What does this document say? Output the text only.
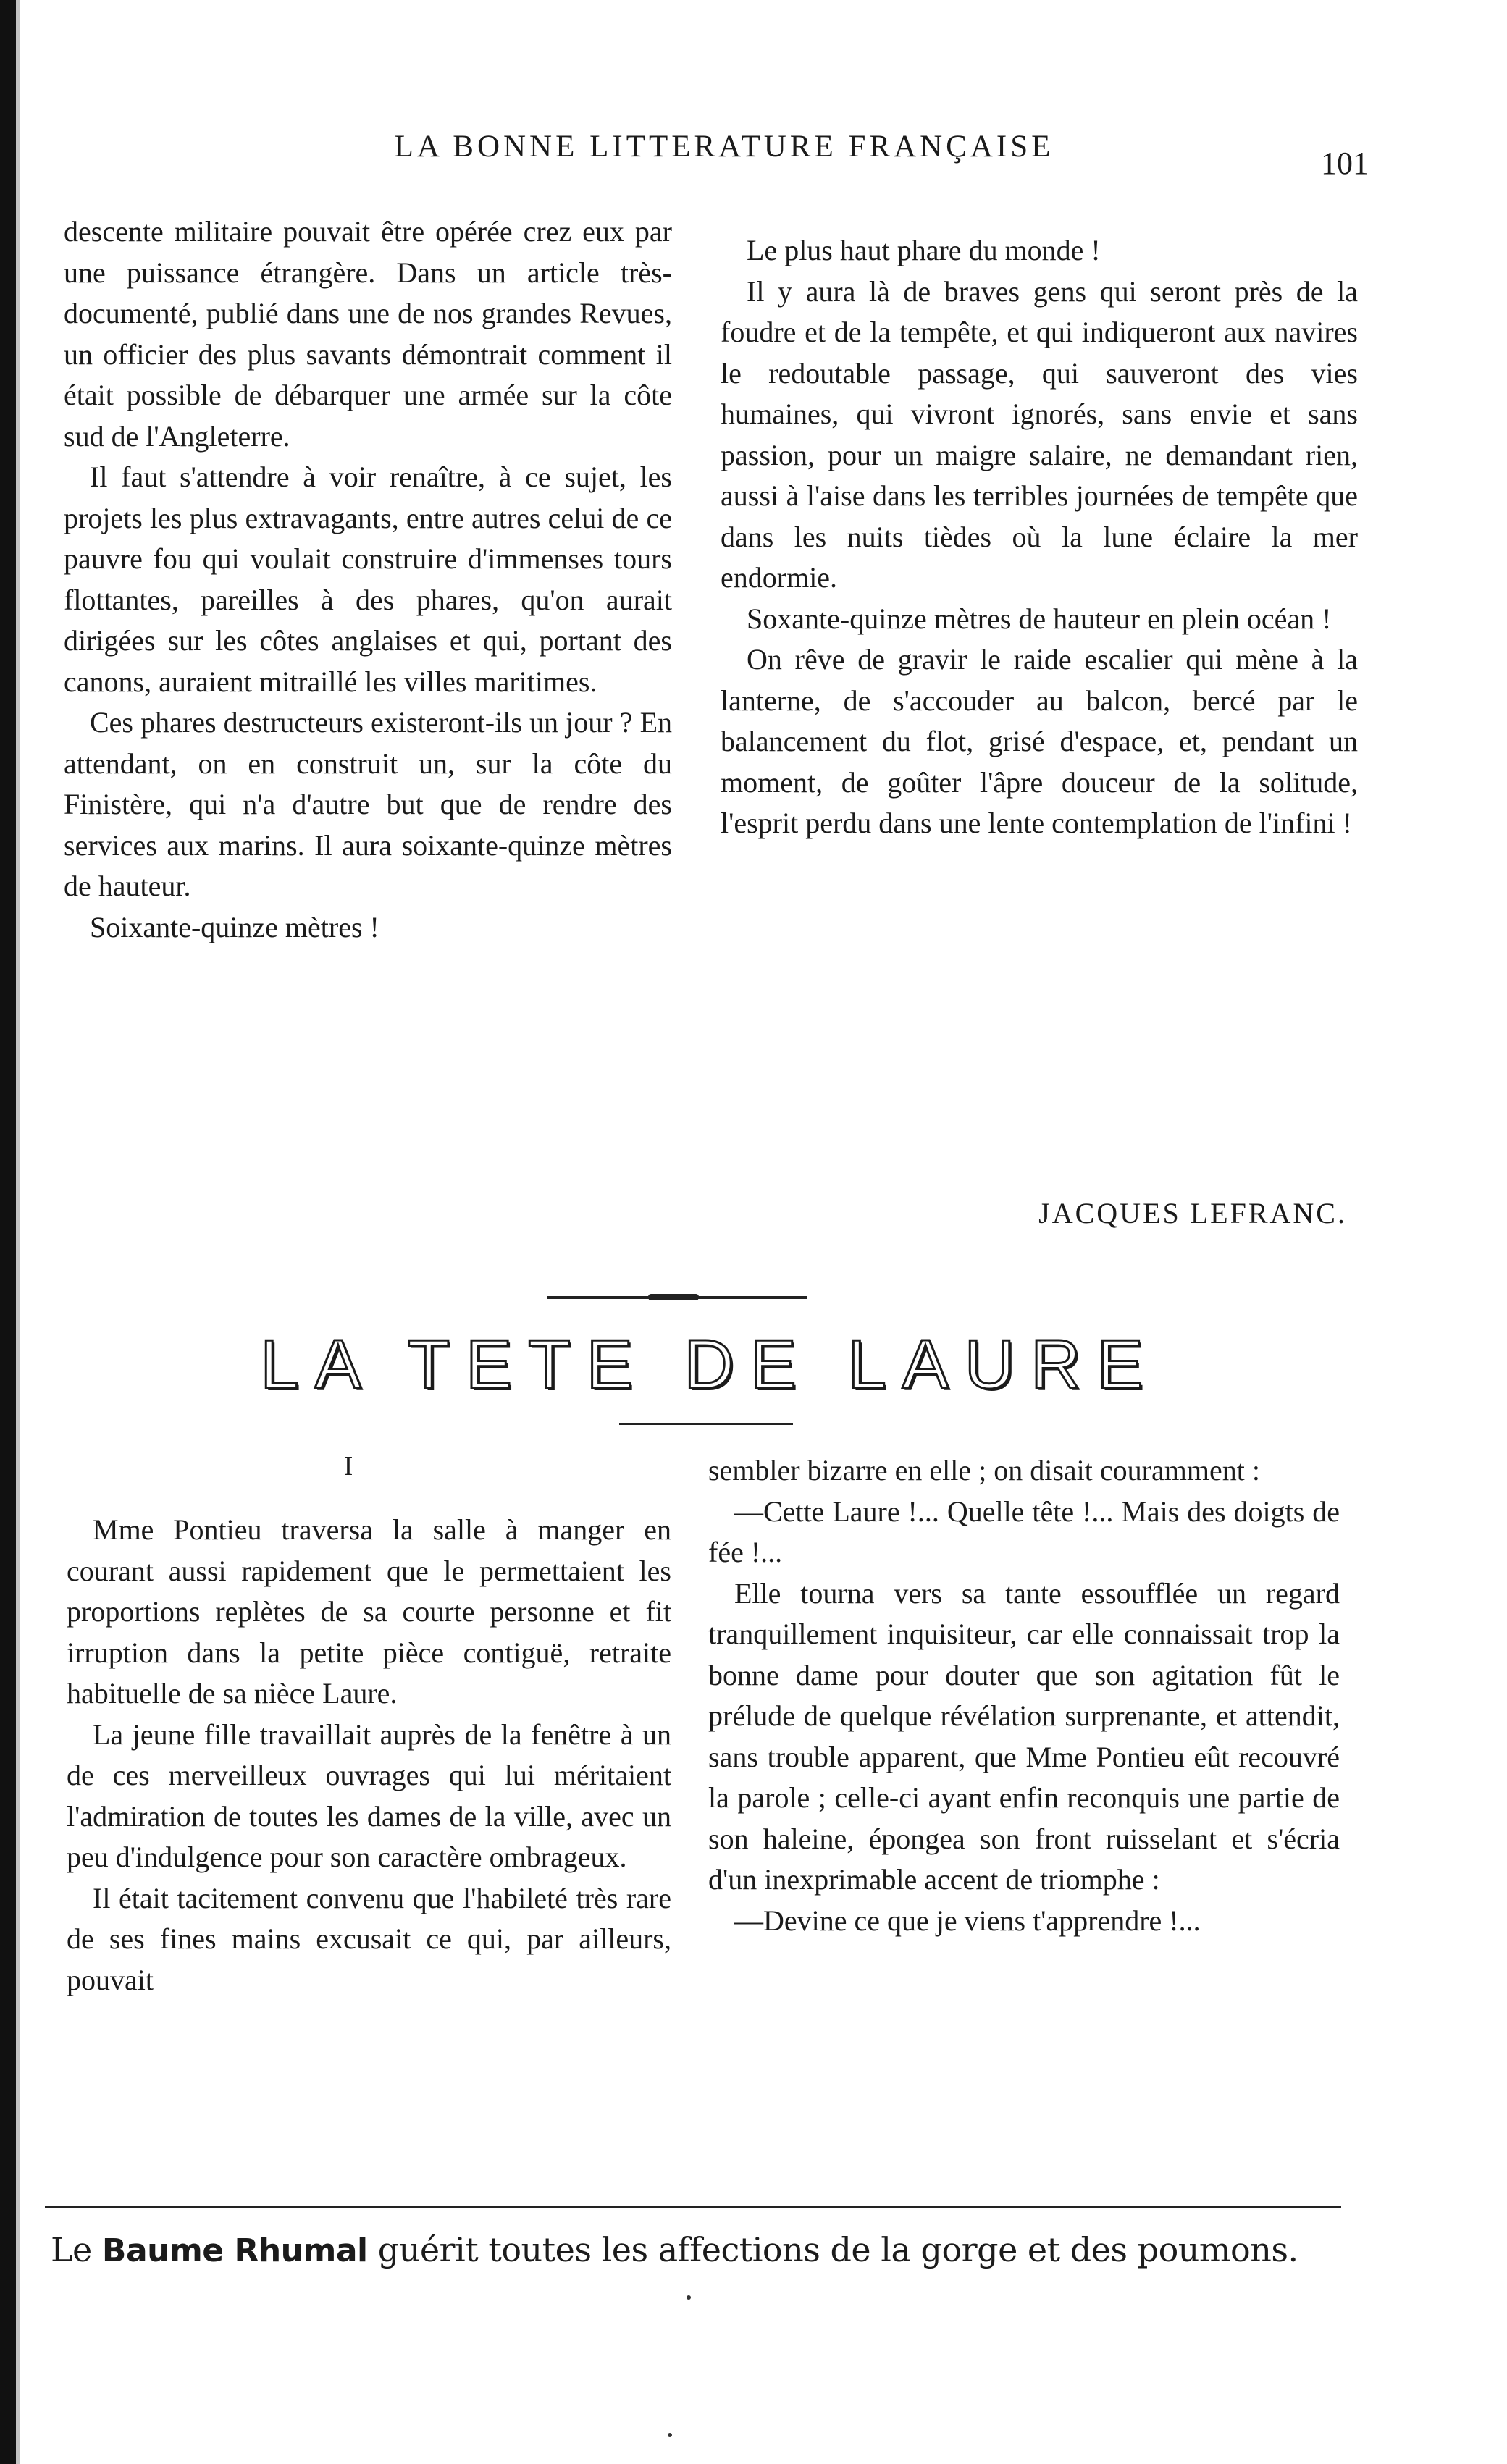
LA BONNE LITTERATURE FRANÇAISE	101

descente militaire pouvait être opérée crez eux par une puissance étrangère. Dans un article très-documenté, publié dans une de nos grandes Revues, un officier des plus savants démontrait comment il était possible de débarquer une armée sur la côte sud de l'Angleterre.

Il faut s'attendre à voir renaître, à ce sujet, les projets les plus extravagants, entre autres celui de ce pauvre fou qui voulait construire d'immenses tours flottantes, pareilles à des phares, qu'on aurait dirigées sur les côtes anglaises et qui, portant des canons, auraient mitraillé les villes maritimes.

Ces phares destructeurs existeront-ils un jour ? En attendant, on en construit un, sur la côte du Finistère, qui n'a d'autre but que de rendre des services aux marins. Il aura soixante-quinze mètres de hauteur.

Soixante-quinze mètres !

Le plus haut phare du monde !

Il y aura là de braves gens qui seront près de la foudre et de la tempête, et qui indiqueront aux navires le redoutable passage, qui sauveront des vies humaines, qui vivront ignorés, sans envie et sans passion, pour un maigre salaire, ne demandant rien, aussi à l'aise dans les terribles journées de tempête que dans les nuits tièdes où la lune éclaire la mer endormie.

Soxante-quinze mètres de hauteur en plein océan !

On rêve de gravir le raide escalier qui mène à la lanterne, de s'accouder au balcon, bercé par le balancement du flot, grisé d'espace, et, pendant un moment, de goûter l'âpre douceur de la solitude, l'esprit perdu dans une lente contemplation de l'infini !

JACQUES LEFRANC.
LA TETE DE LAURE
I

Mme Pontieu traversa la salle à manger en courant aussi rapidement que le permettaient les proportions replètes de sa courte personne et fit irruption dans la petite pièce contiguë, retraite habituelle de sa nièce Laure.

La jeune fille travaillait auprès de la fenêtre à un de ces merveilleux ouvrages qui lui méritaient l'admiration de toutes les dames de la ville, avec un peu d'indulgence pour son caractère ombrageux.

Il était tacitement convenu que l'habileté très rare de ses fines mains excusait ce qui, par ailleurs, pouvait

sembler bizarre en elle ; on disait couramment :

—Cette Laure !... Quelle tête !... Mais des doigts de fée !...

Elle tourna vers sa tante essoufflée un regard tranquillement inquisiteur, car elle connaissait trop la bonne dame pour douter que son agitation fût le prélude de quelque révélation surprenante, et attendit, sans trouble apparent, que Mme Pontieu eût recouvré la parole ; celle-ci ayant enfin reconquis une partie de son haleine, épongea son front ruisselant et s'écria d'un inexprimable accent de triomphe :

—Devine ce que je viens t'apprendre !...

Le Baume Rhumal guérit toutes les affections de la gorge et des poumons.
